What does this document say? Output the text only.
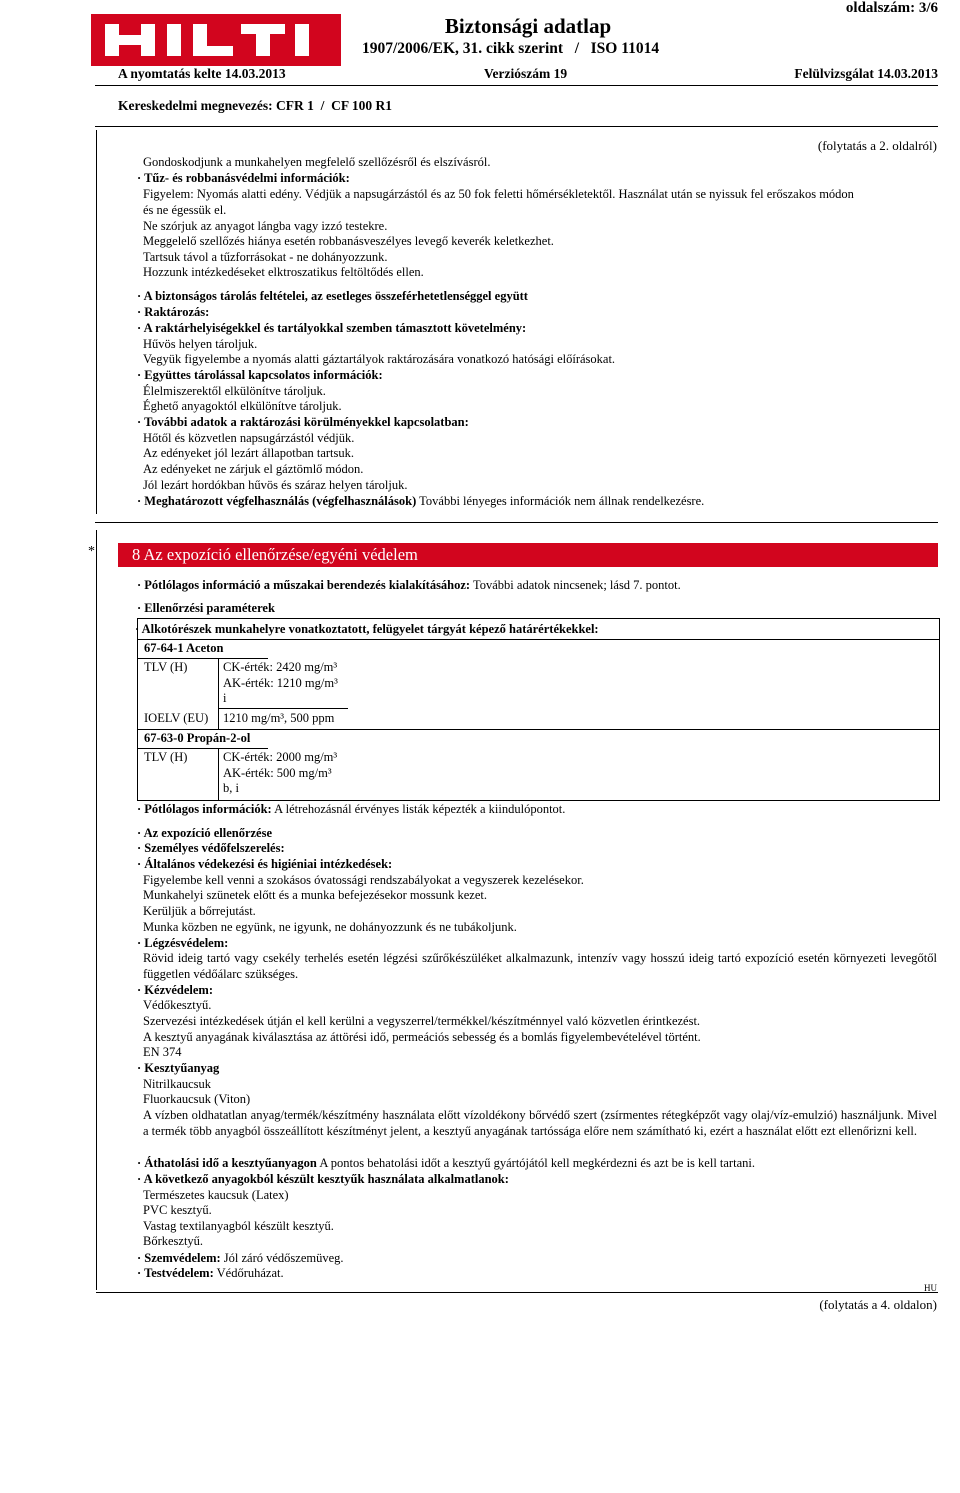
oldalszám: 3/6
Biztonsági adatlap
1907/2006/EK, 31. cikk szerint   /   ISO 11014
A nyomtatás kelte 14.03.2013	Verziószám 19	Felülvizsgálat 14.03.2013
Kereskedelmi megnevezés: CFR 1  /  CF 100 R1
(folytatás a 2. oldalról)
Gondoskodjunk a munkahelyen megfelelő szellőzésről és elszívásról.
· Tűz- és robbanásvédelmi információk:
Figyelem: Nyomás alatti edény. Védjük a napsugárzástól és az 50 fok feletti hőmérsékletektől. Használat után se nyissuk fel erőszakos módon
és ne égessük el.
Ne szórjuk az anyagot lángba vagy izzó testekre.
Meggelelő szellőzés hiánya esetén robbanásveszélyes levegő keverék keletkezhet.
Tartsuk távol a tűzforrásokat - ne dohányozzunk.
Hozzunk intézkedéseket elktroszatikus feltöltődés ellen.
· A biztonságos tárolás feltételei, az esetleges összeférhetetlenséggel együtt
· Raktározás:
· A raktárhelyiségekkel és tartályokkal szemben támasztott követelmény:
Hűvös helyen tároljuk.
Vegyük figyelembe a nyomás alatti gáztartályok raktározására vonatkozó hatósági előírásokat.
· Együttes tárolással kapcsolatos információk:
Élelmiszerektől elkülönítve tároljuk.
Éghető anyagoktól elkülönítve tároljuk.
· További adatok a raktározási körülményekkel kapcsolatban:
Hőtől és közvetlen napsugárzástól védjük.
Az edényeket jól lezárt állapotban tartsuk.
Az edényeket ne zárjuk el gáztömlő módon.
Jól lezárt hordókban hűvös és száraz helyen tároljuk.
· Meghatározott végfelhasználás (végfelhasználások) További lényeges információk nem állnak rendelkezésre.
*	8 Az expozíció ellenőrzése/egyéni védelem
· Pótlólagos információ a műszakai berendezés kialakításához: További adatok nincsenek; lásd 7. pontot.
· Ellenőrzési paraméterek
· Alkotórészek munkahelyre vonatkoztatott, felügyelet tárgyát képező határértékekkel:
67-64-1 Aceton
TLV (H)	CK-érték: 2420 mg/m³
AK-érték: 1210 mg/m³
i
IOELV (EU) 1210 mg/m³, 500 ppm
67-63-0 Propán-2-ol
TLV (H)	CK-érték: 2000 mg/m³
AK-érték: 500 mg/m³
b, i
· Pótlólagos információk: A létrehozásnál érvényes listák képezték a kiindulópontot.
· Az expozíció ellenőrzése
· Személyes védőfelszerelés:
· Általános védekezési és higiéniai intézkedések:
Figyelembe kell venni a szokásos óvatossági rendszabályokat a vegyszerek kezelésekor.
Munkahelyi szünetek előtt és a munka befejezésekor mossunk kezet.
Kerüljük a bőrrejutást.
Munka közben ne együnk, ne igyunk, ne dohányozzunk és ne tubákoljunk.
· Légzésvédelem:
Rövid ideig tartó vagy csekély terhelés esetén légzési szűrőkészüléket alkalmazunk, intenzív vagy hosszú ideig tartó expozíció esetén környezeti levegőtől független védőálarc szükséges.
· Kézvédelem:
Védőkesztyű.
Szervezési intézkedések útján el kell kerülni a vegyszerrel/termékkel/készítménnyel való közvetlen érintkezést.
A kesztyű anyagának kiválasztása az áttörési idő, permeációs sebesség és a bomlás figyelembevételével történt.
EN 374
· Kesztyűanyag
Nitrilkaucsuk
Fluorkaucsuk (Viton)
A vízben oldhatatlan anyag/termék/készítmény használata előtt vízoldékony bőrvédő szert (zsírmentes rétegképzőt vagy olaj/víz-emulzió) használjunk. Mivel a termék több anyagból összeállított készítményt jelent, a kesztyű anyagának tartóssága előre nem számítható ki, ezért a használat előtt ezt ellenőrizni kell.
· Áthatolási idő a kesztyűanyagon A pontos behatolási időt a kesztyű gyártójától kell megkérdezni és azt be is kell tartani.
· A következő anyagokból készült kesztyűk használata alkalmatlanok:
Természetes kaucsuk (Latex)
PVC kesztyű.
Vastag textilanyagból készült kesztyű.
Bőrkesztyű.
· Szemvédelem: Jól záró védőszemüveg.
· Testvédelem: Védőruházat.
HU
(folytatás a 4. oldalon)
